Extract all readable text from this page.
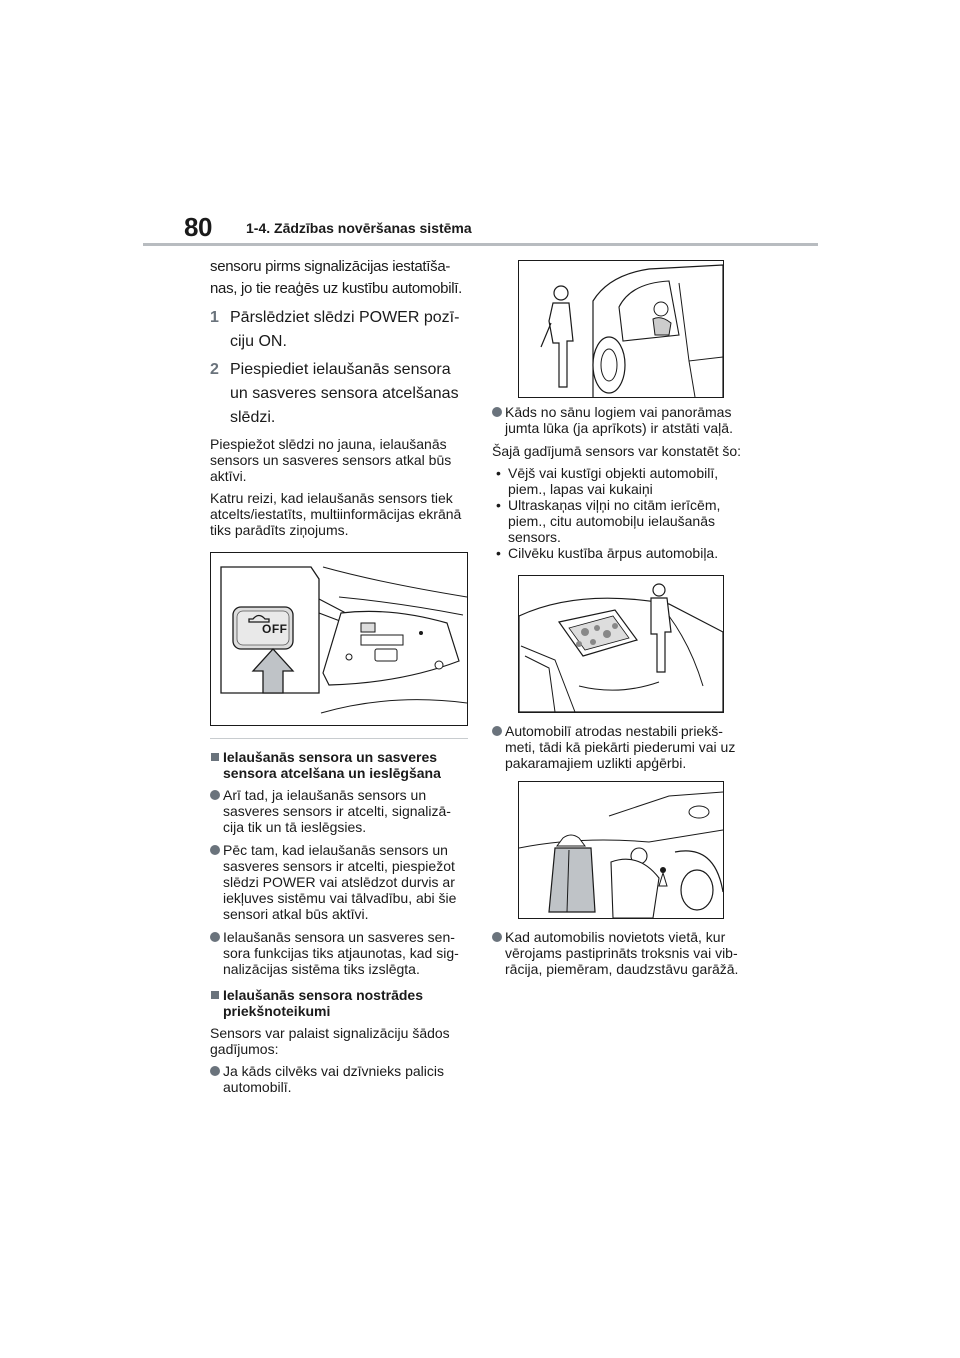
80 1-4. Zādzības novēršanas sistēma

sensoru pirms signalizācijas iestatīša-nas, jo tie reaģēs uz kustību automobilī.

1 Pārslēdziet slēdzi POWER pozī-ciju ON.
2 Piespiediet ielaušanās sensora un sasveres sensora atcelšanas slēdzi.

Piespiežot slēdzi no jauna, ielaušanās sensors un sasveres sensors atkal būs aktīvi.

Katru reizi, kad ielaušanās sensors tiek atcelts/iestatīts, multiinformācijas ekrānā tiks parādīts ziņojums.

OFF
Ielaušanās sensora un sasveres sensora atcelšana un ieslēgšana
Arī tad, ja ielaušanās sensors un sasveres sensors ir atcelti, signalizā-cija tik un tā ieslēgsies.
Pēc tam, kad ielaušanās sensors un sasveres sensors ir atcelti, piespiežot slēdzi POWER vai atslēdzot durvis ar iekļuves sistēmu vai tālvadību, abi šie sensori atkal būs aktīvi.
Ielaušanās sensora un sasveres sen-sora funkcijas tiks atjaunotas, kad sig-nalizācijas sistēma tiks izslēgta.
Ielaušanās sensora nostrādes priekšnoteikumi

Sensors var palaist signalizāciju šādos gadījumos:

Ja kāds cilvēks vai dzīvnieks palicis automobilī.
Kāds no sānu logiem vai panorāmas jumta lūka (ja aprīkots) ir atstāti vaļā.

Šajā gadījumā sensors var konstatēt šo:

• Vējš vai kustīgi objekti automobilī, piem., lapas vai kukaiņi
• Ultraskaņas viļņi no citām ierīcēm, piem., citu automobiļu ielaušanās sensors.
• Cilvēku kustība ārpus automobiļa.
Automobilī atrodas nestabili priekš-meti, tādi kā piekārti piederumi vai uz pakaramajiem uzlikti apģērbi.
Kad automobilis novietots vietā, kur vērojams pastiprināts troksnis vai vib-rācija, piemēram, daudzstāvu garāžā.
